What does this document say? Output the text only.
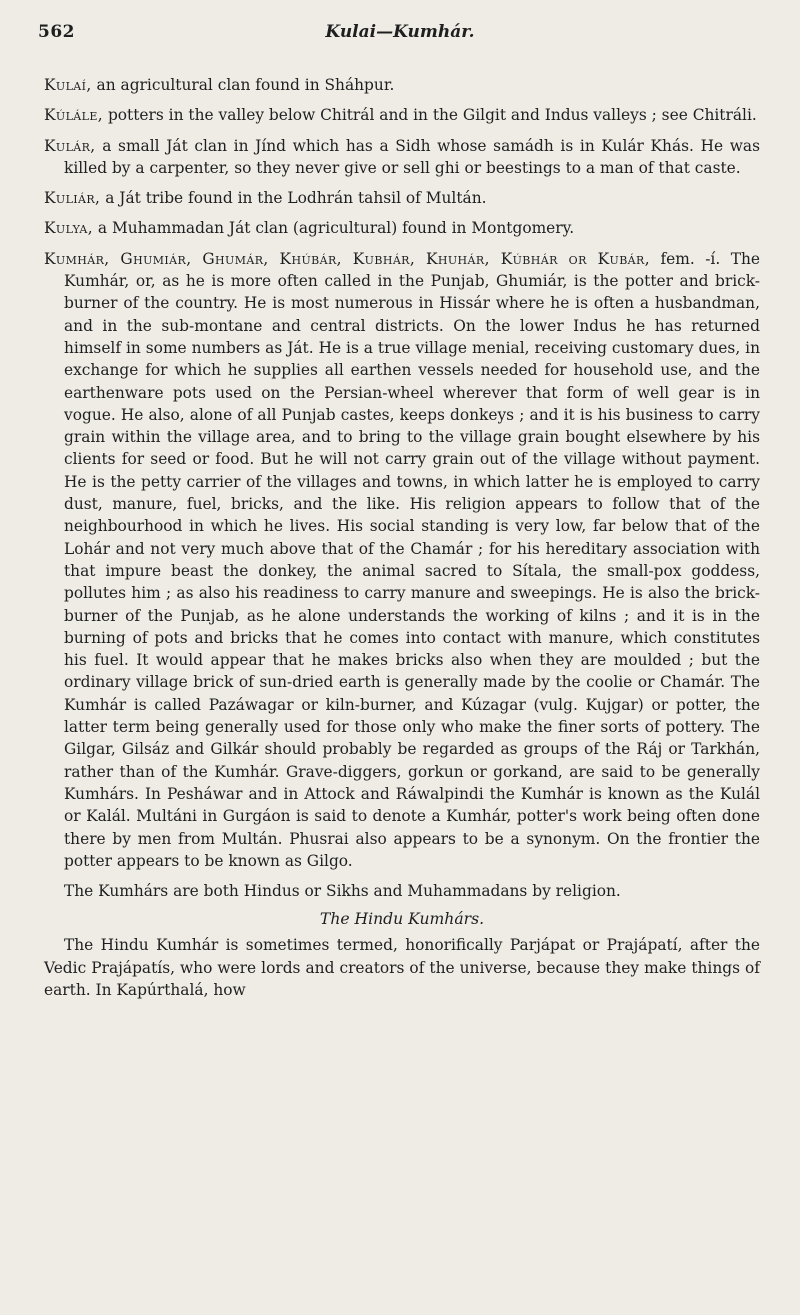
562	Kulai—Kumhár.

Kulaí, an agricultural clan found in Sháhpur.

Kúlále, potters in the valley below Chitrál and in the Gilgit and Indus valleys ; see Chitráli.

Kulár, a small Ját clan in Jínd which has a Sidh whose samádh is in Kulár Khás. He was killed by a carpenter, so they never give or sell ghi or beestings to a man of that caste.

Kuliár, a Ját tribe found in the Lodhrán tahsil of Multán.

Kulya, a Muhammadan Ját clan (agricultural) found in Montgomery.

Kumhár, Ghumiár, Ghumár, Khúbár, Kubhár, Khuhár, Kúbhár or Kubár, fem. -í. The Kumhár, or, as he is more often called in the Punjab, Ghumiár, is the potter and brick-burner of the country. He is most numerous in Hissár where he is often a husbandman, and in the sub-montane and central districts. On the lower Indus he has returned himself in some numbers as Ját. He is a true village menial, receiving customary dues, in exchange for which he supplies all earthen vessels needed for household use, and the earthenware pots used on the Persian-wheel wherever that form of well gear is in vogue. He also, alone of all Punjab castes, keeps donkeys ; and it is his business to carry grain within the village area, and to bring to the village grain bought elsewhere by his clients for seed or food. But he will not carry grain out of the village without payment. He is the petty carrier of the villages and towns, in which latter he is employed to carry dust, manure, fuel, bricks, and the like. His religion appears to follow that of the neighbourhood in which he lives. His social standing is very low, far below that of the Lohár and not very much above that of the Chamár ; for his hereditary association with that impure beast the donkey, the animal sacred to Sítala, the small-pox goddess, pollutes him ; as also his readiness to carry manure and sweepings. He is also the brick-burner of the Punjab, as he alone understands the working of kilns ; and it is in the burning of pots and bricks that he comes into contact with manure, which constitutes his fuel. It would appear that he makes bricks also when they are moulded ; but the ordinary village brick of sun-dried earth is generally made by the coolie or Chamár. The Kumhár is called Pazáwagar or kiln-burner, and Kúzagar (vulg. Kujgar) or potter, the latter term being generally used for those only who make the finer sorts of pottery. The Gilgar, Gilsáz and Gilkár should probably be regarded as groups of the Ráj or Tarkhán, rather than of the Kumhár. Grave-diggers, gorkun or gorkand, are said to be generally Kumhárs. In Pesháwar and in Attock and Ráwalpindi the Kumhár is known as the Kulál or Kalál. Multáni in Gurgáon is said to denote a Kumhár, potter's work being often done there by men from Multán. Phusrai also appears to be a synonym. On the frontier the potter appears to be known as Gilgo.

The Kumhárs are both Hindus or Sikhs and Muhammadans by religion.

The Hindu Kumhárs.

The Hindu Kumhár is sometimes termed, honorifically Parjápat or Prajápatí, after the Vedic Prajápatís, who were lords and creators of the universe, because they make things of earth. In Kapúrthalá, how
